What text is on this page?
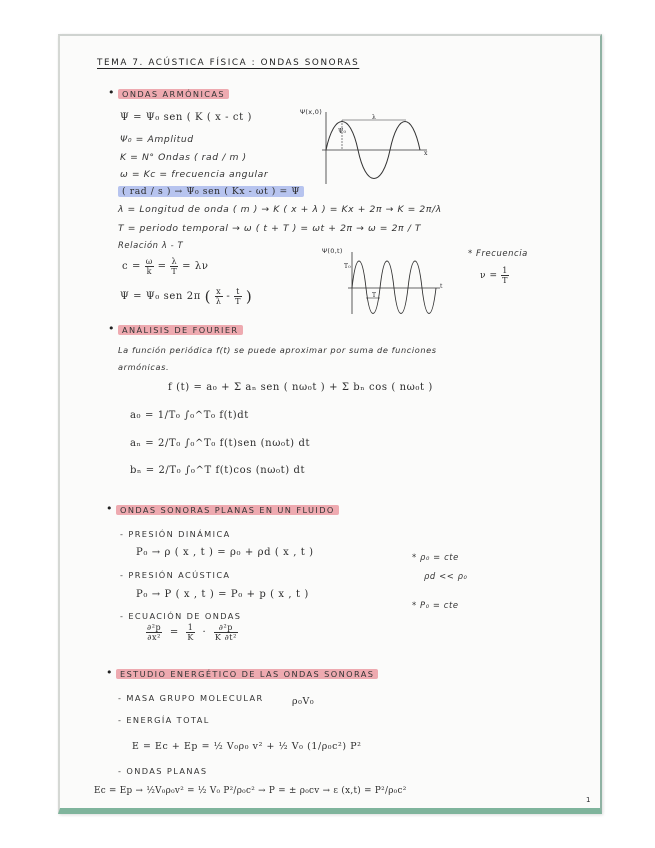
TEMA 7. ACÚSTICA FÍSICA : ONDAS SONORAS
• ONDAS ARMÓNICAS
Ψ = Ψ₀ sen ( K ( x - ct )
Ψ₀ = Amplitud
K = N° Ondas ( rad / m )
ω = Kc = frecuencia angular
( rad / s ) → Ψ₀ sen ( Kx - ωt ) = Ψ
λ = Longitud de onda ( m ) → K ( x + λ ) = Kx + 2π → K = 2π/λ
T = periodo temporal → ω ( t + T ) = ωt + 2π → ω = 2π / T
Relación λ - T
$c = \frac{\omega}{k} = \frac{\lambda}{T} = \lambda\nu$
Ψ = Ψ₀ sen 2π ( $\frac{x}{\lambda} - \frac{t}{T}$ )
Ψ(x,0)
Ψ₀
λ
x
Ψ(0,t)
T₀
T
t
* Frecuencia
$\nu = \frac{1}{T}$
• ANÁLISIS DE FOURIER
La función periódica f(t) se puede aproximar por suma de funciones
armónicas.
f (t) = a₀ + Σ aₙ sen ( nω₀t ) + Σ bₙ cos ( nω₀t )
a₀ = 1/T₀ ∫₀^T₀ f(t)dt
aₙ = 2/T₀ ∫₀^T₀ f(t)sen (nω₀t) dt
bₙ = 2/T₀ ∫₀^T f(t)cos (nω₀t) dt
• ONDAS SONORAS PLANAS EN UN FLUIDO
- PRESIÓN DINÁMICA
P₀ → ρ ( x , t ) = ρ₀ + ρd ( x , t )	* ρ₀ = cte
ρd << ρ₀
- PRESIÓN ACÚSTICA
P₀ → P ( x , t ) = P₀ + p ( x , t )
* P₀ = cte
- ECUACIÓN DE ONDAS
$\frac{\text{∂²p}}{\text{∂x²}} = \frac{1}{K} \cdot \frac{\text{∂²p}}{\text{K ∂t²}}$
• ESTUDIO ENERGÉTICO DE LAS ONDAS SONORAS
- MASA GRUPO MOLECULAR	ρ₀V₀
- ENERGÍA TOTAL
E = Ec + Ep = ½ V₀ρ₀ v² + ½ V₀ (1/ρ₀c²) P²
- ONDAS PLANAS
Ec = Ep → ½V₀ρ₀v² = ½ V₀ P²/ρ₀c² → P = ± ρ₀cv → ε (x,t) = P²/ρ₀c²
1
